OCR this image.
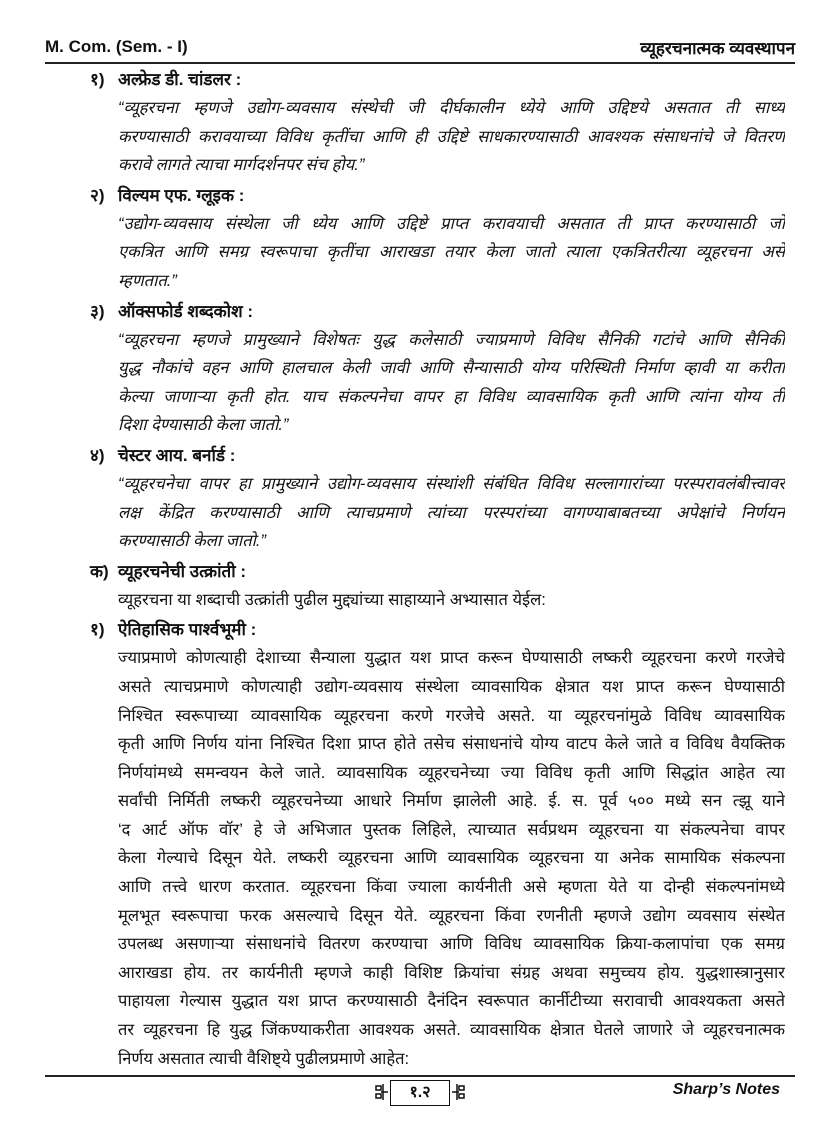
M. Com. (Sem. - I)	व्यूहरचनात्मक व्यवस्थापन
१) अल्फ्रेड डी. चांडलर :
“व्यूहरचना म्हणजे उद्योग-व्यवसाय संस्थेची जी दीर्घकालीन ध्येये आणि उद्दिष्टये असतात ती साध्य
करण्यासाठी करावयाच्या विविध कृतींचा आणि ही उद्दिष्टे साधकारण्यासाठी आवश्यक संसाधनांचे जे वितरण
करावे लागते त्याचा मार्गदर्शनपर संच होय.”
२) विल्यम एफ. ग्लूइक :
“उद्योग-व्यवसाय संस्थेला जी ध्येय आणि उद्दिष्टे प्राप्त करावयाची असतात ती प्राप्त करण्यासाठी जो
एकत्रित आणि समग्र स्वरूपाचा कृतींचा आराखडा तयार केला जातो त्याला एकत्रितरीत्या व्यूहरचना असे
म्हणतात.”
३) ऑक्सफोर्ड शब्दकोश :
“व्यूहरचना म्हणजे प्रामुख्याने विशेषतः युद्ध कलेसाठी ज्याप्रमाणे विविध सैनिकी गटांचे आणि सैनिकी
युद्ध नौकांचे वहन आणि हालचाल केली जावी आणि सैन्यासाठी योग्य परिस्थिती निर्माण व्हावी या करीता
केल्या जाणाऱ्या कृती होत. याच संकल्पनेचा वापर हा विविध व्यावसायिक कृती आणि त्यांना योग्य ती
दिशा देण्यासाठी केला जातो.”
४) चेस्टर आय. बर्नार्ड :
“व्यूहरचनेचा वापर हा प्रामुख्याने उद्योग-व्यवसाय संस्थांशी संबंधित विविध सल्लागारांच्या परस्परावलंबीत्त्वावर
लक्ष केंद्रित करण्यासाठी आणि त्याचप्रमाणे त्यांच्या परस्परांच्या वागण्याबाबतच्या अपेक्षांचे निर्णयन
करण्यासाठी केला जातो.”
क) व्यूहरचनेची उत्क्रांती :
व्यूहरचना या शब्दाची उत्क्रांती पुढील मुद्द्यांच्या साहाय्याने अभ्यासात येईल:
१) ऐतिहासिक पार्श्वभूमी :
ज्याप्रमाणे कोणत्याही देशाच्या सैन्याला युद्धात यश प्राप्त करून घेण्यासाठी लष्करी व्यूहरचना करणे गरजेचे
असते त्याचप्रमाणे कोणत्याही उद्योग-व्यवसाय संस्थेला व्यावसायिक क्षेत्रात यश प्राप्त करून घेण्यासाठी
निश्चित स्वरूपाच्या व्यावसायिक व्यूहरचना करणे गरजेचे असते. या व्यूहरचनांमुळे विविध व्यावसायिक
कृती आणि निर्णय यांना निश्चित दिशा प्राप्त होते तसेच संसाधनांचे योग्य वाटप केले जाते व विविध वैयक्तिक
निर्णयांमध्ये समन्वयन केले जाते. व्यावसायिक व्यूहरचनेच्या ज्या विविध कृती आणि सिद्धांत आहेत त्या
सर्वांची निर्मिती लष्करी व्यूहरचनेच्या आधारे निर्माण झालेली आहे. ई. स. पूर्व ५०० मध्ये सन त्झू याने
‘द आर्ट ऑफ वॉर’ हे जे अभिजात पुस्तक लिहिले, त्याच्यात सर्वप्रथम व्यूहरचना या संकल्पनेचा वापर
केला गेल्याचे दिसून येते. लष्करी व्यूहरचना आणि व्यावसायिक व्यूहरचना या अनेक सामायिक संकल्पना
आणि तत्त्वे धारण करतात. व्यूहरचना किंवा ज्याला कार्यनीती असे म्हणता येते या दोन्ही संकल्पनांमध्ये
मूलभूत स्वरूपाचा फरक असल्याचे दिसून येते. व्यूहरचना किंवा रणनीती म्हणजे उद्योग व्यवसाय संस्थेत
उपलब्ध असणाऱ्या संसाधनांचे वितरण करण्याचा आणि विविध व्यावसायिक क्रिया-कलापांचा एक समग्र
आराखडा होय. तर कार्यनीती म्हणजे काही विशिष्ट क्रियांचा संग्रह अथवा समुच्चय होय. युद्धशास्त्रानुसार
पाहायला गेल्यास युद्धात यश प्राप्त करण्यासाठी दैनंदिन स्वरूपात कार्नीटीच्या सरावाची आवश्यकता असते
तर व्यूहरचना हि युद्ध जिंकण्याकरीता आवश्यक असते. व्यावसायिक क्षेत्रात घेतले जाणारे जे व्यूहरचनात्मक
निर्णय असतात त्याची वैशिष्ट्ये पुढीलप्रमाणे आहेत:
१.२	Sharp’s Notes
